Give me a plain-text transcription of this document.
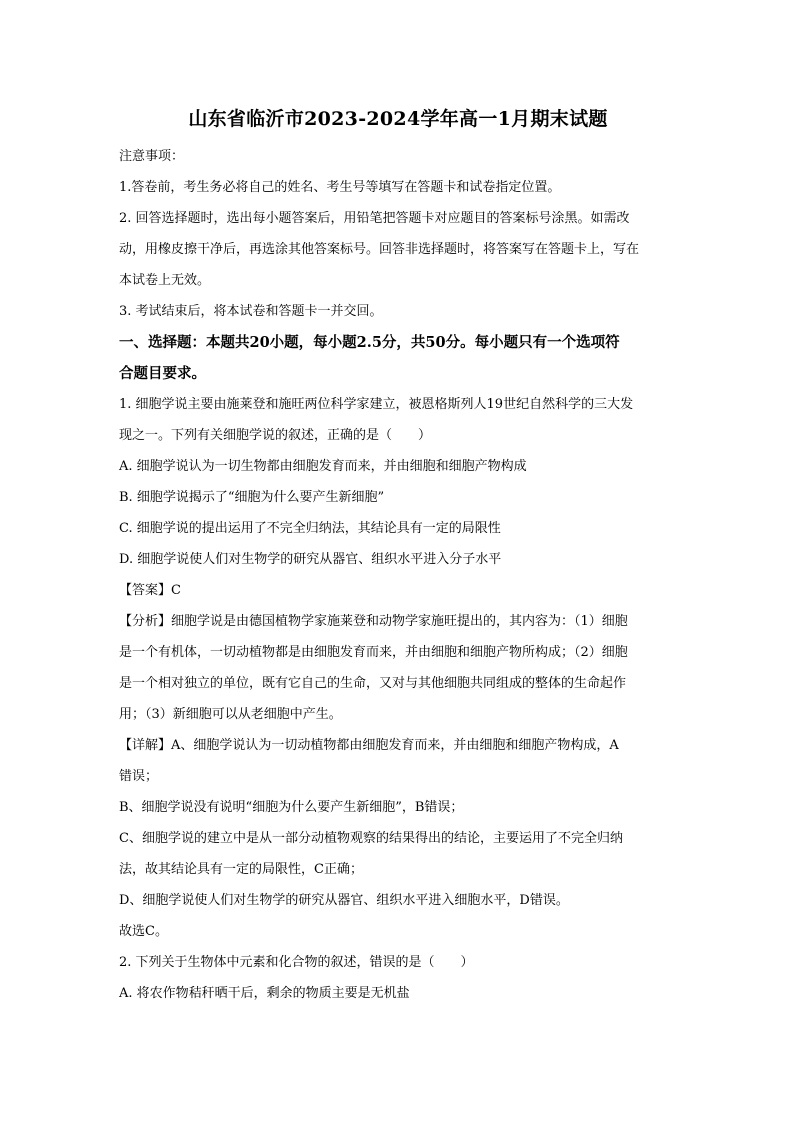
山东省临沂市2023-2024学年高一1月期末试题
注意事项：
1.答卷前，考生务必将自己的姓名、考生号等填写在答题卡和试卷指定位置。
2. 回答选择题时，选出每小题答案后，用铅笔把答题卡对应题目的答案标号涂黑。如需改
动，用橡皮擦干净后，再选涂其他答案标号。回答非选择题时，将答案写在答题卡上，写在
本试卷上无效。
3. 考试结束后，将本试卷和答题卡一并交回。
一、选择题：本题共20小题，每小题2.5分，共50分。每小题只有一个选项符
合题目要求。
1. 细胞学说主要由施莱登和施旺两位科学家建立，被恩格斯列人19世纪自然科学的三大发
现之一。下列有关细胞学说的叙述，正确的是（　　）
A. 细胞学说认为一切生物都由细胞发育而来，并由细胞和细胞产物构成
B. 细胞学说揭示了“细胞为什么要产生新细胞”
C. 细胞学说的提出运用了不完全归纳法，其结论具有一定的局限性
D. 细胞学说使人们对生物学的研究从器官、组织水平进入分子水平
【答案】C
【分析】细胞学说是由德国植物学家施莱登和动物学家施旺提出的，其内容为：（1）细胞
是一个有机体，一切动植物都是由细胞发育而来，并由细胞和细胞产物所构成；（2）细胞
是一个相对独立的单位，既有它自己的生命，又对与其他细胞共同组成的整体的生命起作
用；（3）新细胞可以从老细胞中产生。
【详解】A、细胞学说认为一切动植物都由细胞发育而来，并由细胞和细胞产物构成，A
错误；
B、细胞学说没有说明“细胞为什么要产生新细胞”，B错误；
C、细胞学说的建立中是从一部分动植物观察的结果得出的结论，主要运用了不完全归纳
法，故其结论具有一定的局限性，C正确；
D、细胞学说使人们对生物学的研究从器官、组织水平进入细胞水平，D错误。
故选C。
2. 下列关于生物体中元素和化合物的叙述，错误的是（　　）
A. 将农作物秸秆晒干后，剩余的物质主要是无机盐
